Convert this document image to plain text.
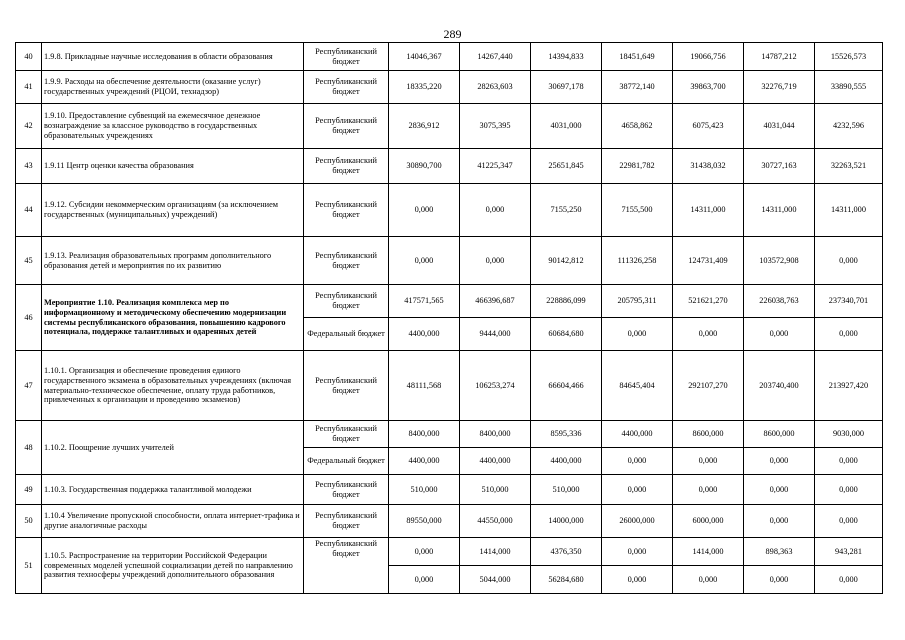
289
40	1.9.8. Прикладные научные исследования в области образования	Республиканский бюджет	14046,367	14267,440	14394,833	18451,649	19066,756	14787,212	15526,573
41	1.9.9. Расходы на обеспечение деятельности (оказание услуг) государственных учреждений (РЦОИ, технадзор)	Республиканский бюджет	18335,220	28263,603	30697,178	38772,140	39863,700	32276,719	33890,555
42	1.9.10. Предоставление субвенций на ежемесячное денежное вознаграждение за классное руководство в государственных образовательных учреждениях	Республиканский бюджет	2836,912	3075,395	4031,000	4658,862	6075,423	4031,044	4232,596
43	1.9.11 Центр оценки качества образования	Республиканский бюджет	30890,700	41225,347	25651,845	22981,782	31438,032	30727,163	32263,521
44	1.9.12. Субсидии некоммерческим организациям (за исключением государственных (муниципальных) учреждений)	Республиканский бюджет	0,000	0,000	7155,250	7155,500	14311,000	14311,000	14311,000
45	1.9.13. Реализация образовательных программ дополнительного образования детей и мероприятия по их развитию	Республиканский бюджет	0,000	0,000	90142,812	111326,258	124731,409	103572,908	0,000
46	Мероприятие 1.10. Реализация комплекса мер по информационному и методическому обеспечению модернизации системы республиканского образования, повышению кадрового потенциала, поддержке талантливых и одаренных детей	Республиканский бюджет	417571,565	466396,687	228886,099	205795,311	521621,270	226038,763	237340,701
		Федеральный бюджет	4400,000	9444,000	60684,680	0,000	0,000	0,000	0,000
47	1.10.1. Организация и обеспечение проведения единого государственного экзамена в образовательных учреждениях (включая материально-техническое обеспечение, оплату труда работников, привлеченных к организации и проведению экзаменов)	Республиканский бюджет	48111,568	106253,274	66604,466	84645,404	292107,270	203740,400	213927,420
48	1.10.2. Поощрение лучших учителей	Республиканский бюджет	8400,000	8400,000	8595,336	4400,000	8600,000	8600,000	9030,000
		Федеральный бюджет	4400,000	4400,000	4400,000	0,000	0,000	0,000	0,000
49	1.10.3. Государственная поддержка талантливой молодежи	Республиканский бюджет	510,000	510,000	510,000	0,000	0,000	0,000	0,000
50	1.10.4 Увеличение пропускной способности, оплата интернет-трафика и другие аналогичные расходы	Республиканский бюджет	89550,000	44550,000	14000,000	26000,000	6000,000	0,000	0,000
51	1.10.5. Распространение на территории Российской Федерации современных моделей успешной социализации детей по направлению развития техносферы учреждений дополнительного образования	Республиканский бюджет	0,000	1414,000	4376,350	0,000	1414,000	898,363	943,281
			0,000	5044,000	56284,680	0,000	0,000	0,000	0,000
